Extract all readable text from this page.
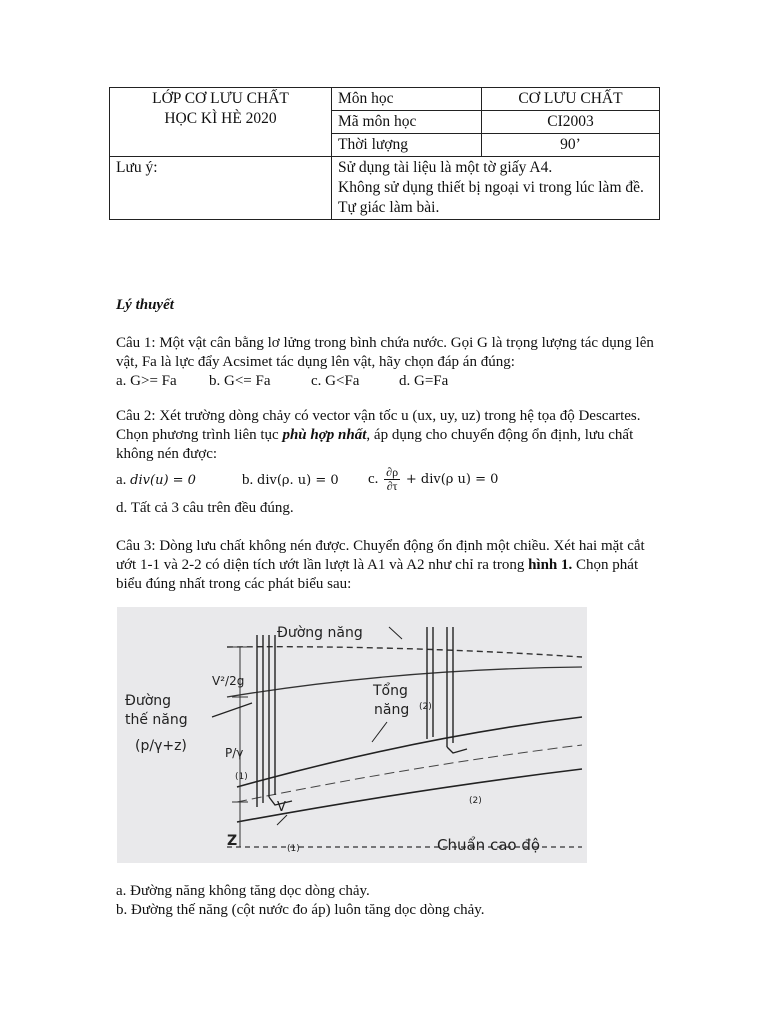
LỚP CƠ LƯU CHẤT
HỌC KÌ HÈ 2020	Môn học	CƠ LƯU CHẤT
	Mã môn học	CI2003
	Thời lượng	90’
Lưu ý:	Sử dụng tài liệu là một tờ giấy A4.
Không sử dụng thiết bị ngoại vi trong lúc làm đề.
Tự giác làm bài.	
Lý thuyết
Câu 1: Một vật cân bằng lơ lửng trong bình chứa nước. Gọi G là trọng lượng tác dụng lên vật, Fa là lực đẩy Acsimet tác dụng lên vật, hãy chọn đáp án đúng:
a. G>= Fa b. G<= Fa	c. G<Fa	d. G=Fa
Câu 2: Xét trường dòng chảy có vector vận tốc u (ux, uy, uz) trong hệ tọa độ Descartes. Chọn phương trình liên tục phù hợp nhất, áp dụng cho chuyển động ổn định, lưu chất không nén được:
a. div(u) = 0	b. div(ρ. u) = 0 c. $\frac{\partial\rho}{\partial\tau} + div(\rho$ u) = 0
d. Tất cả 3 câu trên đều đúng.
Câu 3: Dòng lưu chất không nén được. Chuyển động ổn định một chiều. Xét hai mặt cắt ướt 1-1 và 2-2 có diện tích ướt lần lượt là A1 và A2 như chỉ ra trong hình 1. Chọn phát biểu đúng nhất trong các phát biểu sau:
Đường năng
V²/2g
Đường
thế năng
(p/γ+z)
Tổng
năng (2)
P/γ
(1)
(2)
V
Z	(1)	Chuẩn cao độ
a. Đường năng không tăng dọc dòng chảy.
b. Đường thế năng (cột nước đo áp) luôn tăng dọc dòng chảy.
